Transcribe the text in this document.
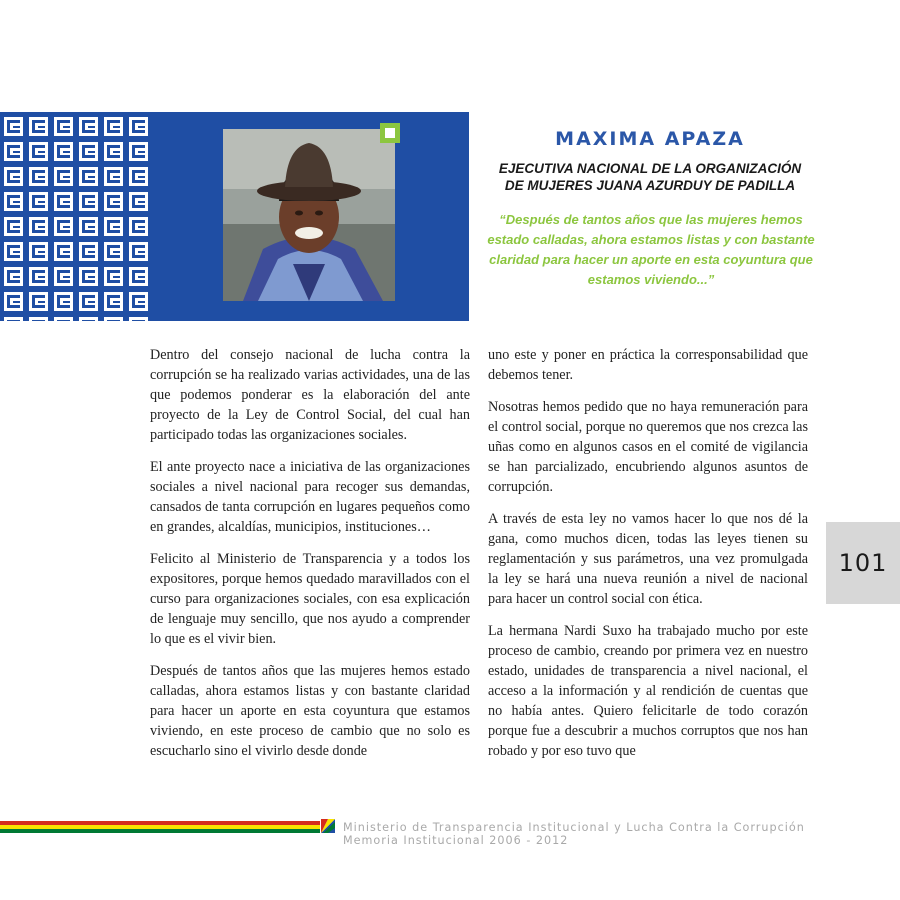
MAXIMA APAZA
EJECUTIVA NACIONAL DE LA ORGANIZACIÓN
DE MUJERES JUANA AZURDUY DE PADILLA

“Después de tantos años que las mujeres hemos estado calladas, ahora estamos listas y con bastante claridad para hacer un aporte en esta coyuntura que estamos viviendo...”

Dentro del consejo nacional de lucha contra la corrupción se ha realizado varias actividades, una de las que podemos ponderar es la elaboración del ante proyecto de la Ley de Control Social, del cual han participado todas las organizaciones sociales.

El ante proyecto nace a iniciativa de las organizaciones sociales a nivel nacional para recoger sus demandas, cansados de tanta corrupción en lugares pequeños como en grandes, alcaldías, municipios, instituciones…

Felicito al Ministerio de Transparencia y a todos los expositores, porque hemos quedado maravillados con el curso para organizaciones sociales, con esa explicación de lenguaje muy sencillo, que nos ayudo a comprender lo que es el vivir bien.

Después de tantos años que las mujeres hemos estado calladas, ahora estamos listas y con bastante claridad para hacer un aporte en esta coyuntura que estamos viviendo, en este proceso de cambio que no solo es escucharlo sino el vivirlo desde donde

uno este y poner en práctica la corresponsabilidad que debemos tener.

Nosotras hemos pedido que no haya remuneración para el control social, porque no queremos que nos crezca las uñas como en algunos casos en el comité de vigilancia se han parcializado, encubriendo algunos asuntos de corrupción.

A través de esta ley no vamos hacer lo que nos dé la gana, como muchos dicen, todas las leyes tienen su reglamentación y sus parámetros, una vez promulgada la ley se hará una nueva reunión a nivel de nacional para hacer un control social con ética.

La hermana Nardi Suxo ha trabajado mucho por este proceso de cambio, creando por primera vez en nuestro estado, unidades de transparencia a nivel nacional, el acceso a la información y al rendición de cuentas que no había antes. Quiero felicitarle de todo corazón porque fue a descubrir a muchos corruptos que nos han robado y por eso tuvo que

101
Ministerio de Transparencia Institucional y Lucha Contra la Corrupción
Memoria Institucional 2006 - 2012
